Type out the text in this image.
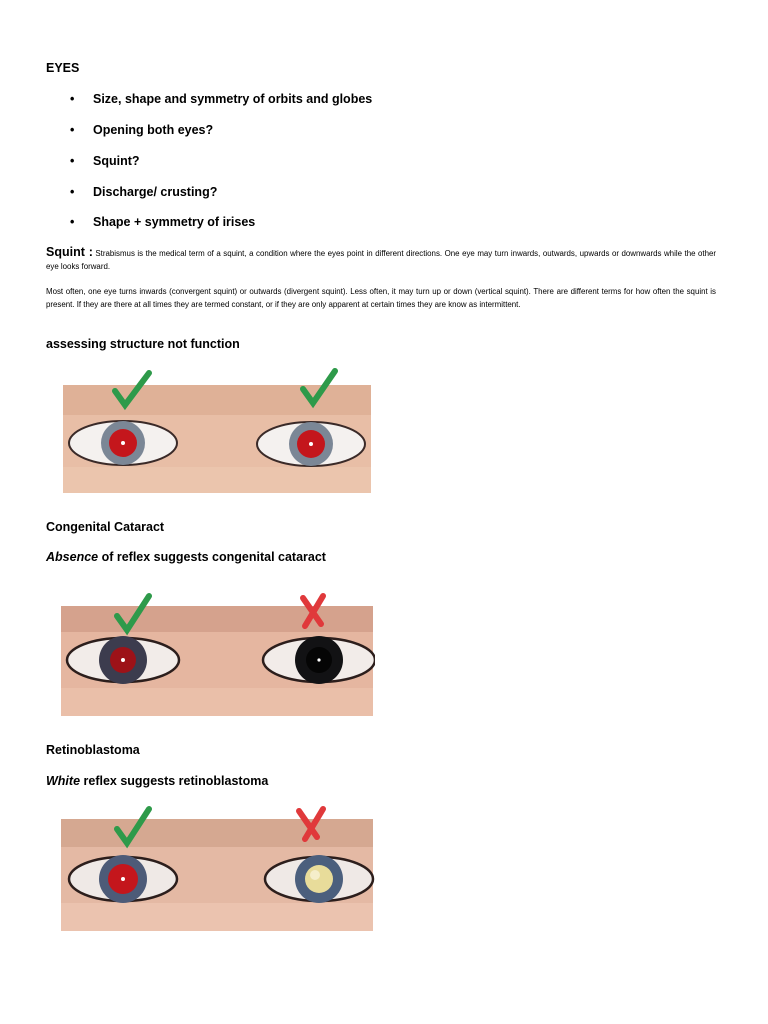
EYES
• Size, shape and symmetry of orbits and globes
• Opening both eyes?
• Squint?
• Discharge/ crusting?
• Shape + symmetry of irises
Squint : Strabismus is the medical term of a squint, a condition where the eyes point in different directions. One eye may turn inwards, outwards, upwards or downwards while the other eye looks forward.
Most often, one eye turns inwards (convergent squint) or outwards (divergent squint). Less often, it may turn up or down (vertical squint). There are different terms for how often the squint is present. If they are there at all times they are termed constant, or if they are only apparent at certain times they are know as intermittent.
assessing structure not function
Congenital Cataract
Absence of reflex suggests congenital cataract
Retinoblastoma
White reflex suggests retinoblastoma
